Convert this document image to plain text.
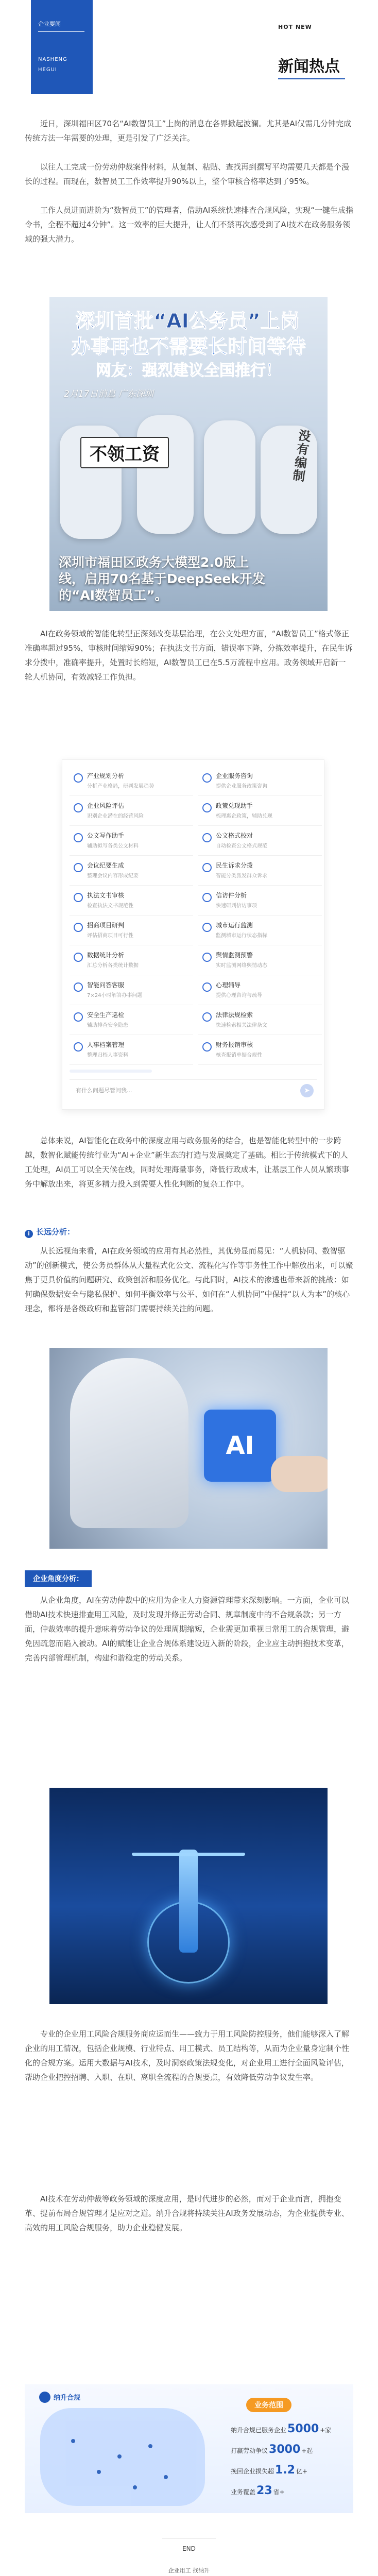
企业要闻
NASHENG
HEGUI
HOT NEW
新闻热点
近日，深圳福田区70名“AI数智员工”上岗的消息在各界掀起波澜。尤其是AI仅需几分钟完成传统方法一年需要的处理，更是引发了广泛关注。
以往人工完成一份劳动仲裁案件材料，从复制、粘贴、查找再到撰写平均需要几天都是个漫长的过程。而现在，数智员工工作效率提升90%以上，整个审核合格率达到了95%。
工作人员进而进阶为“数智员工”的管理者，借助AI系统快速排查合规风险，实现“一键生成指令书，全程不超过4分钟”。这一效率的巨大提升，让人们不禁再次感受到了AI技术在政务服务领域的强大潜力。
深圳首批“AI公务员”上岗
办事再也不需要长时间等待
网友：强烈建议全国推行！
2月17日消息 广东深圳
不领工资
没有编制
深圳市福田区政务大模型2.0版上
线，启用70名基于DeepSeek开发
的“AI数智员工”。
AI在政务领域的智能化转型正深刻改变基层治理，在公文处理方面，“AI数智员工”格式修正准确率超过95%，审核时间缩短90%；在执法文书方面，错误率下降，分拣效率提升，在民生诉求分拨中，准确率提升，处置时长缩短，AI数智员工已在5.5万流程中应用。政务领域开启新一轮人机协同，有效减轻工作负担。
产业规划分析
分析产业格局，研判发展趋势
企业服务咨询
提供企业服务政策咨询
企业风险评估
识别企业潜在的经营风险
政策兑现助手
梳理惠企政策，辅助兑现
公文写作助手
辅助拟写各类公文材料
公文格式校对
自动检查公文格式规范
会议纪要生成
整理会议内容形成纪要
民生诉求分拨
智能分类派发群众诉求
执法文书审核
检查执法文书规范性
信访件分析
快速研判信访事项
招商项目研判
评估招商项目可行性
城市运行监测
监测城市运行状态指标
数据统计分析
汇总分析各类统计数据
舆情监测预警
实时监测网络舆情动态
智能问答客服
7×24小时解答办事问题
心理辅导
提供心理咨询与疏导
安全生产巡检
辅助排查安全隐患
法律法规检索
快速检索相关法律条文
人事档案管理
整理归档人事资料
财务报销审核
核查报销单据合规性
有什么问题尽管问我...	➤
总体来说，AI智能化在政务中的深度应用与政务服务的结合，也是智能化转型中的一步跨越，数智化赋能传统行业为“AI+企业”新生态的打造与发展奠定了基础。相比于传统模式下的人工处理，AI员工可以全天候在线，同时处理海量事务，降低行政成本，让基层工作人员从繁琐事务中解放出来，将更多精力投入到需要人性化判断的复杂工作中。
i 长远分析：
从长远视角来看，AI在政务领域的应用有其必然性，其优势显而易见：“人机协同、数智驱动”的创新模式，使公务员群体从大量程式化公文、流程化写作等事务性工作中解放出来，可以聚焦于更具价值的问题研究、政策创新和服务优化。与此同时，AI技术的渗透也带来新的挑战：如何确保数据安全与隐私保护、如何平衡效率与公平、如何在“人机协同”中保持“以人为本”的核心理念，都将是各级政府和监管部门需要持续关注的问题。
AI
企业角度分析：
从企业角度，AI在劳动仲裁中的应用为企业人力资源管理带来深刻影响。一方面，企业可以借助AI技术快速排查用工风险，及时发现并修正劳动合同、规章制度中的不合规条款；另一方面，仲裁效率的提升意味着劳动争议的处理周期缩短，企业需更加重视日常用工的合规管理，避免因疏忽而陷入被动。AI的赋能让企业合规体系建设迈入新的阶段，企业应主动拥抱技术变革，完善内部管理机制，构建和谐稳定的劳动关系。
专业的企业用工风险合规服务商应运而生——致力于用工风险防控服务，他们能够深入了解企业的用工情况，包括企业规模、行业特点、用工模式、员工结构等，从而为企业量身定制个性化的合规方案。运用大数据与AI技术，及时洞察政策法规变化，对企业用工进行全面风险评估，帮助企业把控招聘、入职、在职、离职全流程的合规要点，有效降低劳动争议发生率。
AI技术在劳动仲裁等政务领域的深度应用，是时代进步的必然，而对于企业而言，拥抱变革、提前布局合规管理才是应对之道。纳升合规将持续关注AI政务发展动态，为企业提供专业、高效的用工风险合规服务，助力企业稳健发展。
纳升合规
业务范围
纳升合规已服务企业5000 +家
打赢劳动争议3000 +起
挽回企业损失超1.2 亿+
业务覆盖23 省+
END
企业用工 找纳升
